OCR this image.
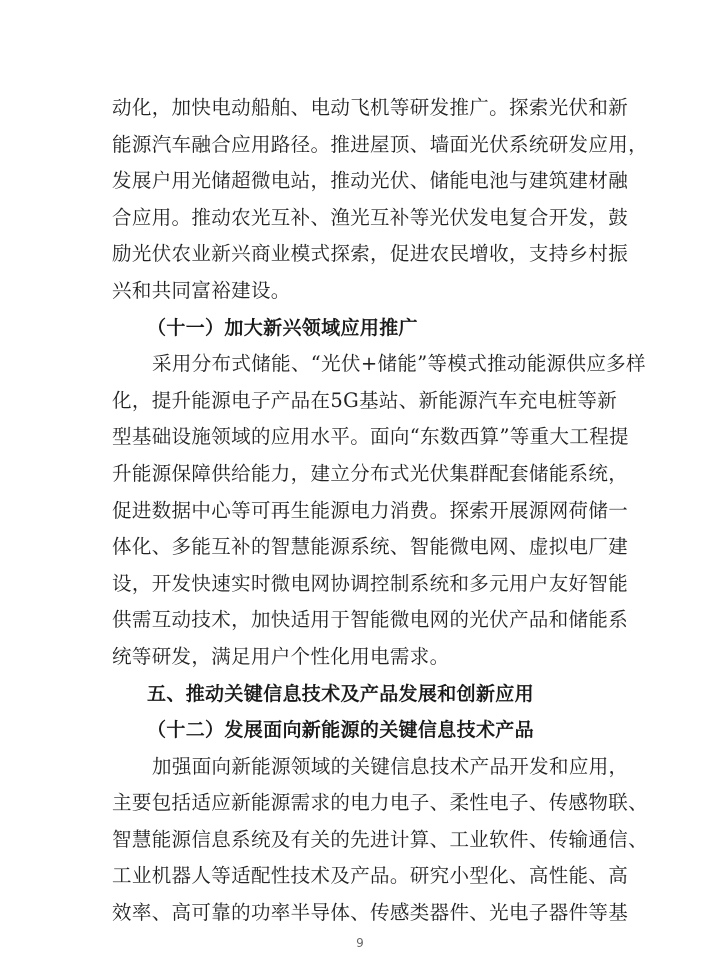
动化，加快电动船舶、电动飞机等研发推广。探索光伏和新
能源汽车融合应用路径。推进屋顶、墙面光伏系统研发应用，
发展户用光储超微电站，推动光伏、储能电池与建筑建材融
合应用。推动农光互补、渔光互补等光伏发电复合开发，鼓
励光伏农业新兴商业模式探索，促进农民增收，支持乡村振
兴和共同富裕建设。
（十一）加大新兴领域应用推广
采用分布式储能、“光伏+储能”等模式推动能源供应多样
化，提升能源电子产品在5G基站、新能源汽车充电桩等新
型基础设施领域的应用水平。面向“东数西算”等重大工程提
升能源保障供给能力，建立分布式光伏集群配套储能系统，
促进数据中心等可再生能源电力消费。探索开展源网荷储一
体化、多能互补的智慧能源系统、智能微电网、虚拟电厂建
设，开发快速实时微电网协调控制系统和多元用户友好智能
供需互动技术，加快适用于智能微电网的光伏产品和储能系
统等研发，满足用户个性化用电需求。
五、推动关键信息技术及产品发展和创新应用
（十二）发展面向新能源的关键信息技术产品
加强面向新能源领域的关键信息技术产品开发和应用，
主要包括适应新能源需求的电力电子、柔性电子、传感物联、
智慧能源信息系统及有关的先进计算、工业软件、传输通信、
工业机器人等适配性技术及产品。研究小型化、高性能、高
效率、高可靠的功率半导体、传感类器件、光电子器件等基
9
